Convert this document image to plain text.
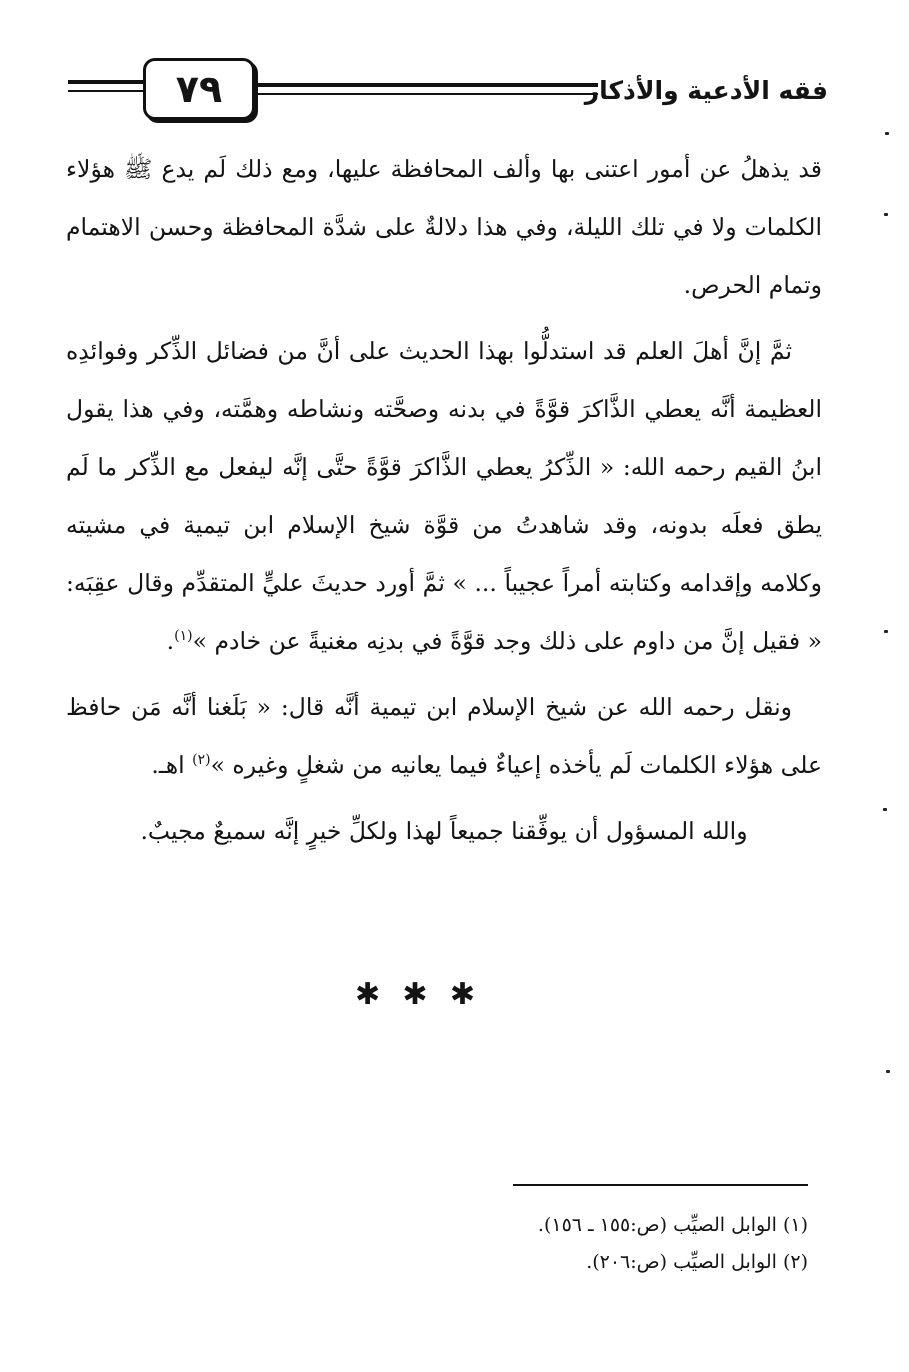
٧٩	فقه الأدعية والأذكار

قد يذهلُ عن أمور اعتنى بها وألف المحافظة عليها، ومع ذلك لَم يدع ﷺ هؤلاء الكلمات ولا في تلك الليلة، وفي هذا دلالةٌ على شدَّة المحافظة وحسن الاهتمام وتمام الحرص.

ثمَّ إنَّ أهلَ العلم قد استدلُّوا بهذا الحديث على أنَّ من فضائل الذِّكر وفوائدِه العظيمة أنَّه يعطي الذَّاكرَ قوَّةً في بدنه وصحَّته ونشاطه وهمَّته، وفي هذا يقول ابنُ القيم رحمه الله: « الذِّكرُ يعطي الذَّاكرَ قوَّةً حتَّى إنَّه ليفعل مع الذِّكر ما لَم يطق فعلَه بدونه، وقد شاهدتُ من قوَّة شيخ الإسلام ابن تيمية في مشيته وكلامه وإقدامه وكتابته أمراً عجيباً ... » ثمَّ أورد حديثَ عليٍّ المتقدِّم وقال عقِبَه: « فقيل إنَّ من داوم على ذلك وجد قوَّةً في بدنِه مغنيةً عن خادم »$^{(١)}$.

ونقل رحمه الله عن شيخ الإسلام ابن تيمية أنَّه قال: « بَلَغنا أنَّه مَن حافظ على هؤلاء الكلمات لَم يأخذه إعياءٌ فيما يعانيه من شغلٍ وغيره »$^{(٢)}$ اهـ.

والله المسؤول أن يوفِّقنا جميعاً لهذا ولكلِّ خيرٍ إنَّه سميعٌ مجيبٌ.

✱ ✱ ✱
(١) الوابل الصيِّب (ص:١٥٥ ـ ١٥٦).
(٢) الوابل الصيِّب (ص:٢٠٦).
